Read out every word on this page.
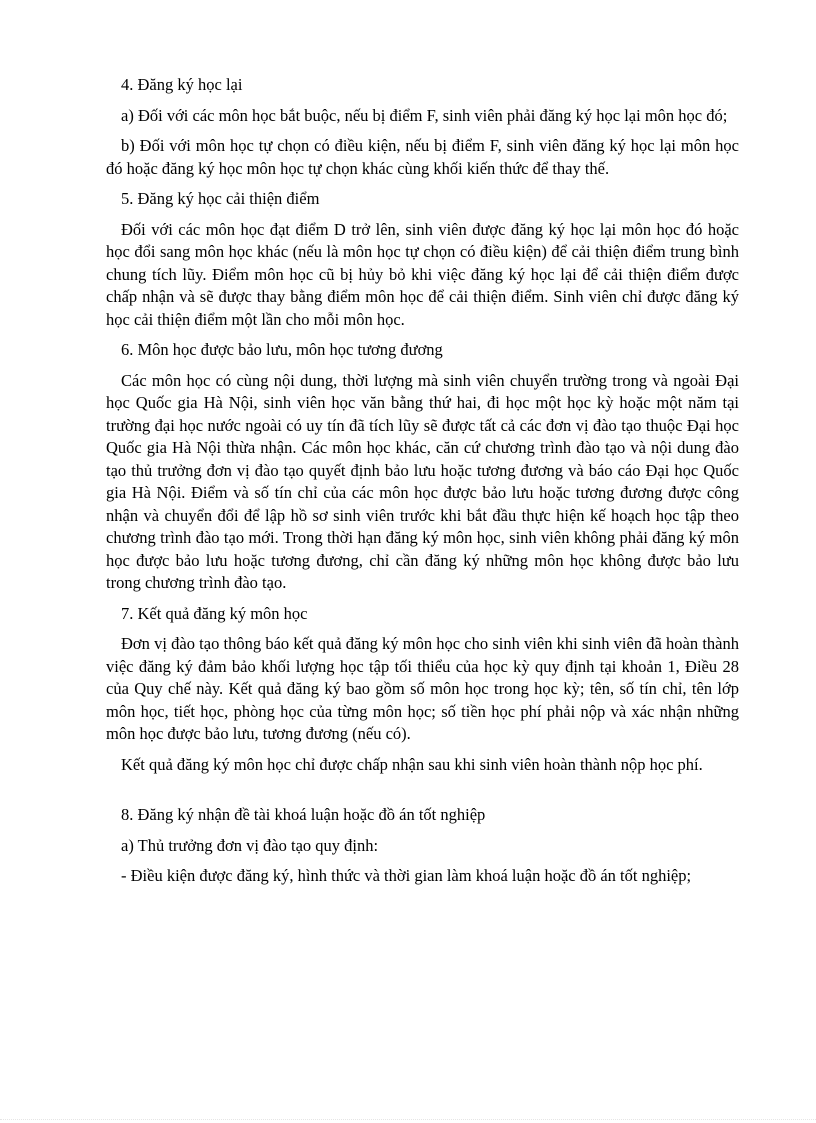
4. Đăng ký học lại
a) Đối với các môn học bắt buộc, nếu bị điểm F, sinh viên phải đăng ký học lại môn học đó;
b) Đối với môn học tự chọn có điều kiện, nếu bị điểm F, sinh viên đăng ký học lại môn học đó hoặc đăng ký học môn học tự chọn khác cùng khối kiến thức để thay thế.
5. Đăng ký học cải thiện điểm
Đối với các môn học đạt điểm D trở lên, sinh viên được đăng ký học lại môn học đó hoặc học đổi sang môn học khác (nếu là môn học tự chọn có điều kiện) để cải thiện điểm trung bình chung tích lũy. Điểm môn học cũ bị hủy bỏ khi việc đăng ký học lại để cải thiện điểm được chấp nhận và sẽ được thay bằng điểm môn học để cải thiện điểm. Sinh viên chỉ được đăng ký học cải thiện điểm một lần cho mỗi môn học.
6. Môn học được bảo lưu, môn học tương đương
Các môn học có cùng nội dung, thời lượng mà sinh viên chuyển trường trong và ngoài Đại học Quốc gia Hà Nội, sinh viên học văn bằng thứ hai, đi học một học kỳ hoặc một năm tại trường đại học nước ngoài có uy tín đã tích lũy sẽ được tất cả các đơn vị đào tạo thuộc Đại học Quốc gia Hà Nội thừa nhận. Các môn học khác, căn cứ chương trình đào tạo và nội dung đào tạo thủ trưởng đơn vị đào tạo quyết định bảo lưu hoặc tương đương và báo cáo Đại học Quốc gia Hà Nội. Điểm và số tín chỉ của các môn học được bảo lưu hoặc tương đương được công nhận và chuyển đổi để lập hồ sơ sinh viên trước khi bắt đầu thực hiện kế hoạch học tập theo chương trình đào tạo mới. Trong thời hạn đăng ký môn học, sinh viên không phải đăng ký môn học được bảo lưu hoặc tương đương, chỉ cần đăng ký những môn học không được bảo lưu trong chương trình đào tạo.
7. Kết quả đăng ký môn học
Đơn vị đào tạo thông báo kết quả đăng ký môn học cho sinh viên khi sinh viên đã hoàn thành việc đăng ký đảm bảo khối lượng học tập tối thiểu của học kỳ quy định tại khoản 1, Điều 28 của Quy chế này. Kết quả đăng ký bao gồm số môn học trong học kỳ; tên, số tín chỉ, tên lớp môn học, tiết học, phòng học của từng môn học; số tiền học phí phải nộp và xác nhận những môn học được bảo lưu, tương đương (nếu có).
Kết quả đăng ký môn học chỉ được chấp nhận sau khi sinh viên hoàn thành nộp học phí.
8. Đăng ký nhận đề tài khoá luận hoặc đồ án tốt nghiệp
a) Thủ trưởng đơn vị đào tạo quy định:
- Điều kiện được đăng ký, hình thức và thời gian làm khoá luận hoặc đồ án tốt nghiệp;
